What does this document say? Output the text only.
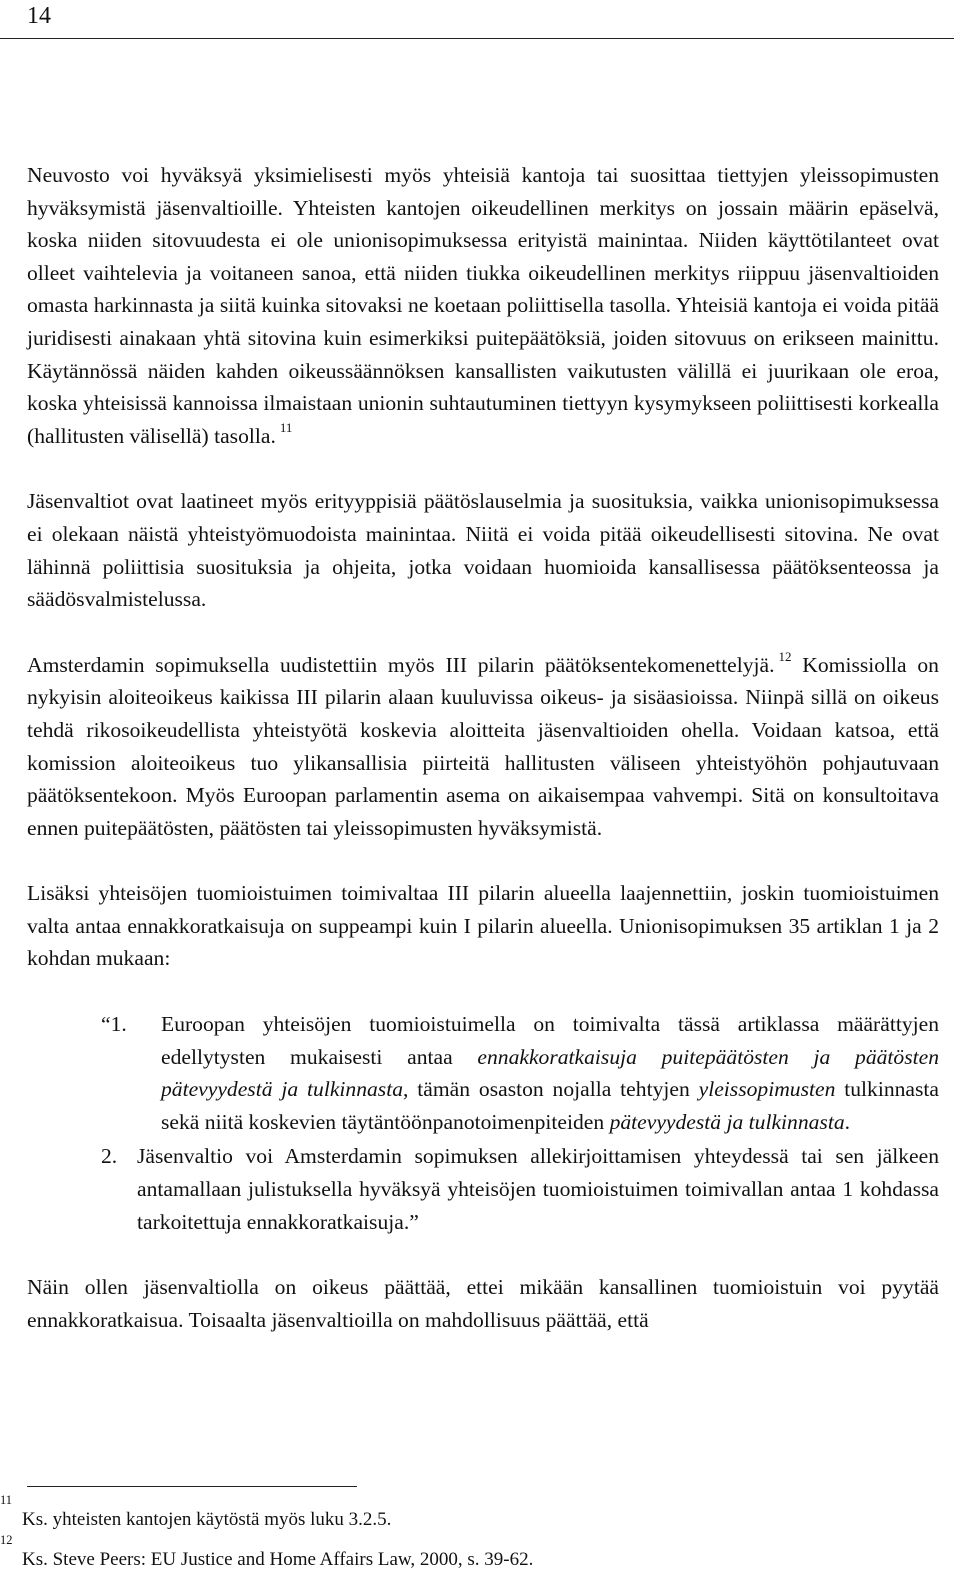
14

Neuvosto voi hyväksyä yksimielisesti myös yhteisiä kantoja tai suosittaa tiettyjen yleissopimusten hyväksymistä jäsenvaltioille. Yhteisten kantojen oikeudellinen merkitys on jossain määrin epäselvä, koska niiden sitovuudesta ei ole unionisopimuksessa erityistä mainintaa. Niiden käyttötilanteet ovat olleet vaihtelevia ja voitaneen sanoa, että niiden tiukka oikeudellinen merkitys riippuu jäsenvaltioiden omasta harkinnasta ja siitä kuinka sitovaksi ne koetaan poliittisella tasolla. Yhteisiä kantoja ei voida pitää juridisesti ainakaan yhtä sitovina kuin esimerkiksi puitepäätöksiä, joiden sitovuus on erikseen mainittu. Käytännössä näiden kahden oikeussäännöksen kansallisten vaikutusten välillä ei juurikaan ole eroa, koska yhteisissä kannoissa ilmaistaan unionin suhtautuminen tiettyyn kysymykseen poliittisesti korkealla (hallitusten välisellä) tasolla. $^{11}$

Jäsenvaltiot ovat laatineet myös erityyppisiä päätöslauselmia ja suosituksia, vaikka unionisopimuksessa ei olekaan näistä yhteistyömuodoista mainintaa. Niitä ei voida pitää oikeudellisesti sitovina. Ne ovat lähinnä poliittisia suosituksia ja ohjeita, jotka voidaan huomioida kansallisessa päätöksenteossa ja säädösvalmistelussa.

Amsterdamin sopimuksella uudistettiin myös III pilarin päätöksentekomenettelyjä. $^{12}$ Komissiolla on nykyisin aloiteoikeus kaikissa III pilarin alaan kuuluvissa oikeus- ja sisäasioissa. Niinpä sillä on oikeus tehdä rikosoikeudellista yhteistyötä koskevia aloitteita jäsenvaltioiden ohella. Voidaan katsoa, että komission aloiteoikeus tuo ylikansallisia piirteitä hallitusten väliseen yhteistyöhön pohjautuvaan päätöksentekoon. Myös Euroopan parlamentin asema on aikaisempaa vahvempi. Sitä on konsultoitava ennen puitepäätösten, päätösten tai yleissopimusten hyväksymistä.

Lisäksi yhteisöjen tuomioistuimen toimivaltaa III pilarin alueella laajennettiin, joskin tuomioistuimen valta antaa ennakkoratkaisuja on suppeampi kuin I pilarin alueella. Unionisopimuksen 35 artiklan 1 ja 2 kohdan mukaan:

“1. Euroopan yhteisöjen tuomioistuimella on toimivalta tässä artiklassa määrättyjen edellytysten mukaisesti antaa ennakkoratkaisuja puitepäätösten ja päätösten pätevyydestä ja tulkinnasta, tämän osaston nojalla tehtyjen yleissopimusten tulkinnasta sekä niitä koskevien täytäntöönpanotoimenpiteiden pätevyydestä ja tulkinnasta.
2. Jäsenvaltio voi Amsterdamin sopimuksen allekirjoittamisen yhteydessä tai sen jälkeen antamallaan julistuksella hyväksyä yhteisöjen tuomioistuimen toimivallan antaa 1 kohdassa tarkoitettuja ennakkoratkaisuja.”

Näin ollen jäsenvaltiolla on oikeus päättää, ettei mikään kansallinen tuomioistuin voi pyytää ennakkoratkaisua. Toisaalta jäsenvaltioilla on mahdollisuus päättää, että

11
Ks. yhteisten kantojen käytöstä myös luku 3.2.5.
12
Ks. Steve Peers: EU Justice and Home Affairs Law, 2000, s. 39-62.
